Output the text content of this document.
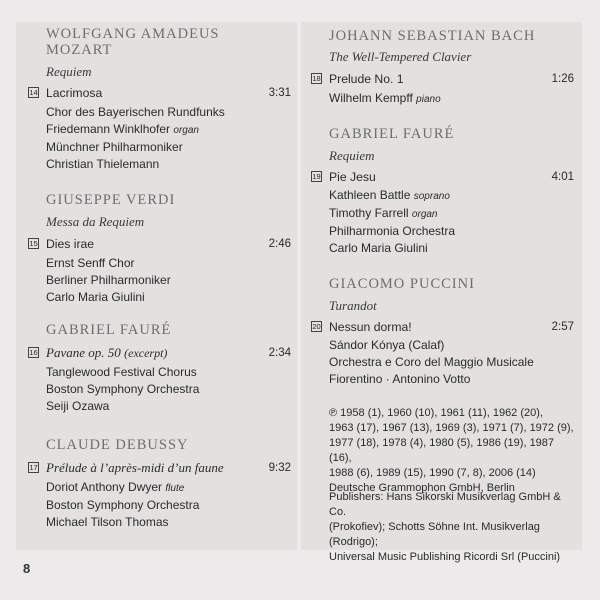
WOLFGANG AMADEUS

MOZART

Requiem

14 Lacrimosa	3:31
Chor des Bayerischen Rundfunks
Friedemann Winklhofer organ
Münchner Philharmoniker
Christian Thielemann

GIUSEPPE VERDI

Messa da Requiem

15 Dies irae	2:46
Ernst Senff Chor
Berliner Philharmoniker
Carlo Maria Giulini

GABRIEL FAURÉ

16 Pavane op. 50 (excerpt)	2:34
Tanglewood Festival Chorus
Boston Symphony Orchestra
Seiji Ozawa

CLAUDE DEBUSSY

17 Prélude à l’après-midi d’un faune	9:32
Doriot Anthony Dwyer flute
Boston Symphony Orchestra
Michael Tilson Thomas

JOHANN SEBASTIAN BACH

The Well-Tempered Clavier

18 Prelude No. 1	1:26
Wilhelm Kempff piano

GABRIEL FAURÉ

Requiem

19 Pie Jesu	4:01
Kathleen Battle soprano
Timothy Farrell organ
Philharmonia Orchestra
Carlo Maria Giulini

GIACOMO PUCCINI

Turandot

20 Nessun dorma!	2:57
Sándor Kónya (Calaf)
Orchestra e Coro del Maggio Musicale
Fiorentino · Antonino Votto
℗ 1958 (1), 1960 (10), 1961 (11), 1962 (20),
1963 (17), 1967 (13), 1969 (3), 1971 (7), 1972 (9),
1977 (18), 1978 (4), 1980 (5), 1986 (19), 1987 (16),
1988 (6), 1989 (15), 1990 (7, 8), 2006 (14)
Deutsche Grammophon GmbH, Berlin
Publishers: Hans Sikorski Musikverlag GmbH & Co.
(Prokofiev); Schotts Söhne Int. Musikverlag (Rodrigo);
Universal Music Publishing Ricordi Srl (Puccini)
8
